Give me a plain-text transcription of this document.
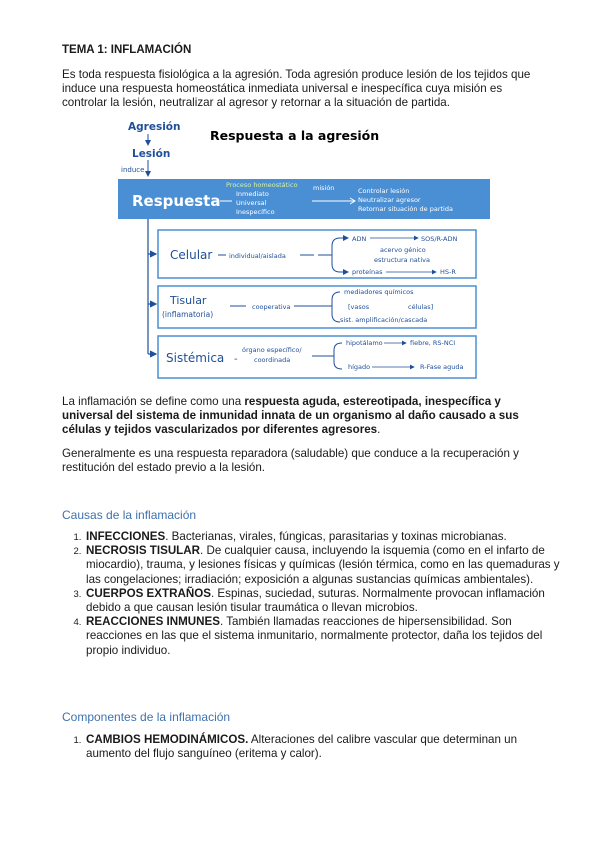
TEMA 1: INFLAMACIÓN
Es toda respuesta fisiológica a la agresión. Toda agresión produce lesión de los tejidos que induce una respuesta homeostática inmediata universal e inespecífica cuya misión es controlar la lesión, neutralizar al agresor y retornar a la situación de partida.
Agresión
Lesión
Respuesta a la agresión
induce
Respuesta
Proceso homeostático
Inmediato
Universal
Inespecífico
misión	Controlar lesión
Neutralizar agresor
Retornar situación de partida
Celular	individual/aislada
ADN	SOS/R-ADN
acervo génico
estructura nativa
proteínas	HS-R
Tisular
(inflamatoria)
cooperativa
mediadores químicos
[vasos	células]
sist. amplificación/cascada
Sistémica -
órgano específico/
coordinada
hipotálamo	fiebre, RS-NCI
hígado	R-Fase aguda
La inflamación se define como una respuesta aguda, estereotipada, inespecífica y universal del sistema de inmunidad innata de un organismo al daño causado a sus células y tejidos vascularizados por diferentes agresores.
Generalmente es una respuesta reparadora (saludable) que conduce a la recuperación y restitución del estado previo a la lesión.
Causas de la inflamación
1. INFECCIONES. Bacterianas, virales, fúngicas, parasitarias y toxinas microbianas.
2. NECROSIS TISULAR. De cualquier causa, incluyendo la isquemia (como en el infarto de miocardio), trauma, y lesiones físicas y químicas (lesión térmica, como en las quemaduras y las congelaciones; irradiación; exposición a algunas sustancias químicas ambientales).
3. CUERPOS EXTRAÑOS. Espinas, suciedad, suturas. Normalmente provocan inflamación debido a que causan lesión tisular traumática o llevan microbios.
4. REACCIONES INMUNES. También llamadas reacciones de hipersensibilidad. Son reacciones en las que el sistema inmunitario, normalmente protector, daña los tejidos del propio individuo.
Componentes de la inflamación
1. CAMBIOS HEMODINÁMICOS. Alteraciones del calibre vascular que determinan un aumento del flujo sanguíneo (eritema y calor).
